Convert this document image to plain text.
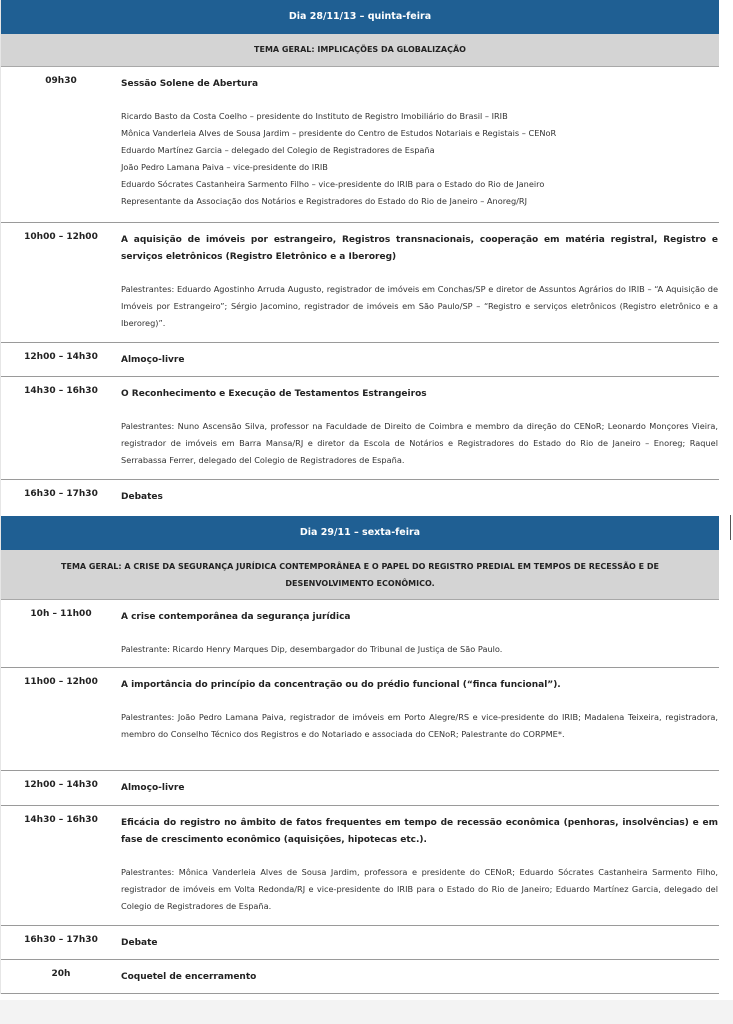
Dia 28/11/13 – quinta-feira
TEMA GERAL: IMPLICAÇÕES DA GLOBALIZAÇÃO
09h30	Sessão Solene de Abertura
Ricardo Basto da Costa Coelho – presidente do Instituto de Registro Imobiliário do Brasil – IRIB
Mônica Vanderleia Alves de Sousa Jardim – presidente do Centro de Estudos Notariais e Registais – CENoR
Eduardo Martínez Garcia – delegado del Colegio de Registradores de España
João Pedro Lamana Paiva – vice-presidente do IRIB
Eduardo Sócrates Castanheira Sarmento Filho – vice-presidente do IRIB para o Estado do Rio de Janeiro
Representante da Associação dos Notários e Registradores do Estado do Rio de Janeiro – Anoreg/RJ
10h00 – 12h00	A aquisição de imóveis por estrangeiro, Registros transnacionais, cooperação em matéria registral, Registro e serviços eletrônicos (Registro Eletrônico e a Iberoreg)
Palestrantes: Eduardo Agostinho Arruda Augusto, registrador de imóveis em Conchas/SP e diretor de Assuntos Agrários do IRIB – “A Aquisição de Imóveis por Estrangeiro”; Sérgio Jacomino, registrador de imóveis em São Paulo/SP – “Registro e serviços eletrônicos (Registro eletrônico e a Iberoreg)”.
12h00 – 14h30	Almoço-livre
14h30 – 16h30	O Reconhecimento e Execução de Testamentos Estrangeiros
Palestrantes: Nuno Ascensão Silva, professor na Faculdade de Direito de Coimbra e membro da direção do CENoR; Leonardo Monçores Vieira, registrador de imóveis em Barra Mansa/RJ e diretor da Escola de Notários e Registradores do Estado do Rio de Janeiro – Enoreg; Raquel Serrabassa Ferrer, delegado del Colegio de Registradores de España.
16h30 – 17h30	Debates
Dia 29/11 – sexta-feira
TEMA GERAL: A CRISE DA SEGURANÇA JURÍDICA CONTEMPORÂNEA E O PAPEL DO REGISTRO PREDIAL EM TEMPOS DE RECESSÃO E DE DESENVOLVIMENTO ECONÔMICO.
10h – 11h00	A crise contemporânea da segurança jurídica
Palestrante: Ricardo Henry Marques Dip, desembargador do Tribunal de Justiça de São Paulo.
11h00 – 12h00	A importância do princípio da concentração ou do prédio funcional (“finca funcional”).
Palestrantes: João Pedro Lamana Paiva, registrador de imóveis em Porto Alegre/RS e vice-presidente do IRIB; Madalena Teixeira, registradora, membro do Conselho Técnico dos Registros e do Notariado e associada do CENoR; Palestrante do CORPME*.
12h00 – 14h30	Almoço-livre
14h30 – 16h30	Eficácia do registro no âmbito de fatos frequentes em tempo de recessão econômica (penhoras, insolvências) e em fase de crescimento econômico (aquisições, hipotecas etc.).
Palestrantes: Mônica Vanderleia Alves de Sousa Jardim, professora e presidente do CENoR; Eduardo Sócrates Castanheira Sarmento Filho, registrador de imóveis em Volta Redonda/RJ e vice-presidente do IRIB para o Estado do Rio de Janeiro; Eduardo Martínez Garcia, delegado del Colegio de Registradores de España.
16h30 – 17h30	Debate
20h	Coquetel de encerramento
